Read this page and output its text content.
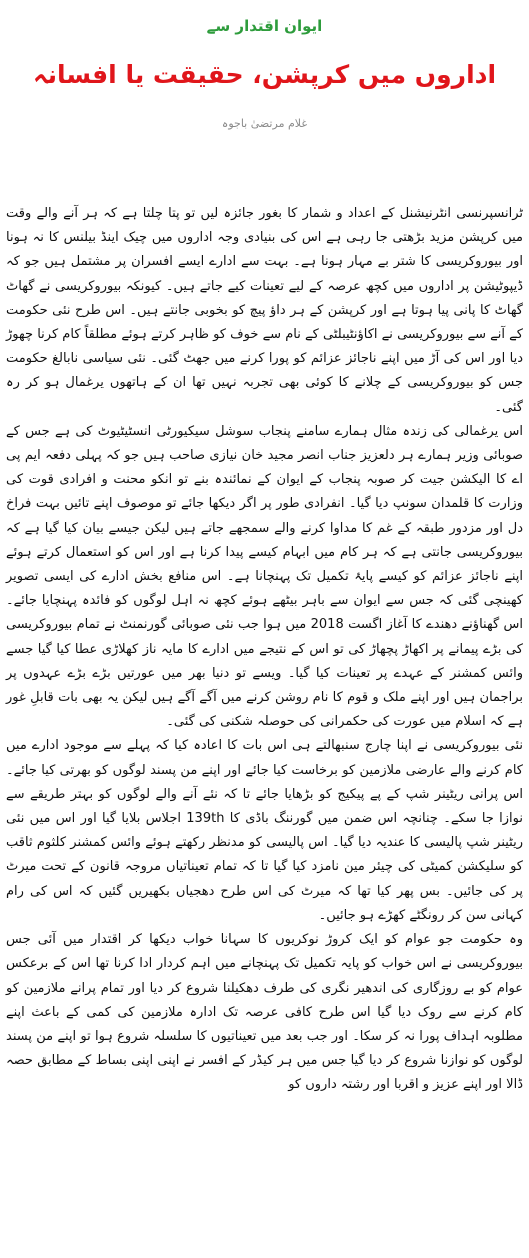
ایوان اقتدار سے
اداروں میں کرپشن، حقیقت یا افسانہ
غلام مرتضیٰ باجوہ

ٹرانسپرنسی انٹرنیشنل کے اعداد و شمار کا بغور جائزہ لیں تو پتا چلتا ہے کہ ہر آنے والے وقت میں کرپشن مزید بڑھتی جا رہی ہے اس کی بنیادی وجہ اداروں میں چیک اینڈ بیلنس کا نہ ہونا اور بیوروکریسی کا شتر بے مہار ہونا ہے۔ بہت سے ادارے ایسے افسران پر مشتمل ہیں جو کہ ڈیپوٹیشن پر اداروں میں کچھ عرصہ کے لیے تعینات کیے جاتے ہیں۔ کیونکہ بیوروکریسی نے گھاٹ گھاٹ کا پانی پیا ہوتا ہے اور کرپشن کے ہر داؤ پیچ کو بخوبی جانتے ہیں۔ اس طرح نئی حکومت کے آنے سے بیوروکریسی نے اکاؤنٹیبلٹی کے نام سے خوف کو ظاہر کرتے ہوئے مطلقاً کام کرنا چھوڑ دیا اور اس کی آڑ میں اپنے ناجائز عزائم کو پورا کرنے میں جھٹ گئی۔ نئی سیاسی نابالغ حکومت جس کو بیوروکریسی کے چلانے کا کوئی بھی تجربہ نہیں تھا ان کے ہاتھوں یرغمال ہو کر رہ گئی۔

اس یرغمالی کی زندہ مثال ہمارے سامنے پنجاب سوشل سیکیورٹی انسٹیٹیوٹ کی ہے جس کے صوبائی وزیر ہمارے ہر دلعزیز جناب انصر مجید خان نیازی صاحب ہیں جو کہ پہلی دفعہ ایم پی اے کا الیکشن جیت کر صوبہ پنجاب کے ایوان کے نمائندہ بنے تو انکو محنت و افرادی قوت کی وزارت کا قلمدان سونپ دیا گیا۔ انفرادی طور پر اگر دیکھا جائے تو موصوف اپنے تائیں بہت فراخ دل اور مزدور طبقہ کے غم کا مداوا کرنے والے سمجھے جاتے ہیں لیکن جیسے بیان کیا گیا ہے کہ بیوروکریسی جانتی ہے کہ ہر کام میں ابہام کیسے پیدا کرنا ہے اور اس کو استعمال کرتے ہوئے اپنے ناجائز عزائم کو کیسے پایۂ تکمیل تک پہنچانا ہے۔ اس منافع بخش ادارے کی ایسی تصویر کھینچی گئی کہ جس سے ایوان سے باہر بیٹھے ہوئے کچھ نہ اہل لوگوں کو فائدہ پہنچایا جائے۔ اس گھناؤنے دھندے کا آغاز اگست 2018 میں ہوا جب نئی صوبائی گورنمنٹ نے تمام بیوروکریسی کی بڑے پیمانے پر اکھاڑ پچھاڑ کی تو اس کے نتیجے میں ادارے کا مایہ ناز کھلاڑی عطا کیا گیا جسے وائس کمشنر کے عہدے پر تعینات کیا گیا۔ ویسے تو دنیا بھر میں عورتیں بڑے بڑے عہدوں پر براجمان ہیں اور اپنے ملک و قوم کا نام روشن کرنے میں آگے آگے ہیں لیکن یہ بھی بات قابلِ غور ہے کہ اسلام میں عورت کی حکمرانی کی حوصلہ شکنی کی گئی۔

نئی بیوروکریسی نے اپنا چارج سنبھالتے ہی اس بات کا اعادہ کیا کہ پہلے سے موجود ادارے میں کام کرنے والے عارضی ملازمین کو برخاست کیا جائے اور اپنے من پسند لوگوں کو بھرتی کیا جائے۔ اس پرانی ریٹینر شپ کے پے پیکیج کو بڑھایا جائے تا کہ نئے آنے والے لوگوں کو بہتر طریقے سے نوازا جا سکے۔ چنانچہ اس ضمن میں گورننگ باڈی کا 139th اجلاس بلایا گیا اور اس میں نئی ریٹینر شپ پالیسی کا عندیہ دیا گیا۔ اس پالیسی کو مدنظر رکھتے ہوئے وائس کمشنر کلثوم ثاقب کو سلیکشن کمیٹی کی چیئر مین نامزد کیا گیا تا کہ تمام تعیناتیاں مروجہ قانون کے تحت میرٹ پر کی جائیں۔ بس پھر کیا تھا کہ میرٹ کی اس طرح دھجیاں بکھیریں گئیں کہ اس کی رام کہانی سن کر رونگٹے کھڑے ہو جائیں۔

وہ حکومت جو عوام کو ایک کروڑ نوکریوں کا سہانا خواب دیکھا کر اقتدار میں آئی جس بیوروکریسی نے اس خواب کو پایہ تکمیل تک پہنچانے میں اہم کردار ادا کرنا تھا اس کے برعکس عوام کو بے روزگاری کی اندھیر نگری کی طرف دھکیلنا شروع کر دیا اور تمام پرانے ملازمین کو کام کرنے سے روک دیا گیا اس طرح کافی عرصہ تک ادارہ ملازمین کی کمی کے باعث اپنے مطلوبہ اہداف پورا نہ کر سکا۔ اور جب بعد میں تعیناتیوں کا سلسلہ شروع ہوا تو اپنے من پسند لوگوں کو نوازنا شروع کر دیا گیا جس میں ہر کیڈر کے افسر نے اپنی اپنی بساط کے مطابق حصہ ڈالا اور اپنے عزیز و اقربا اور رشتہ داروں کو
